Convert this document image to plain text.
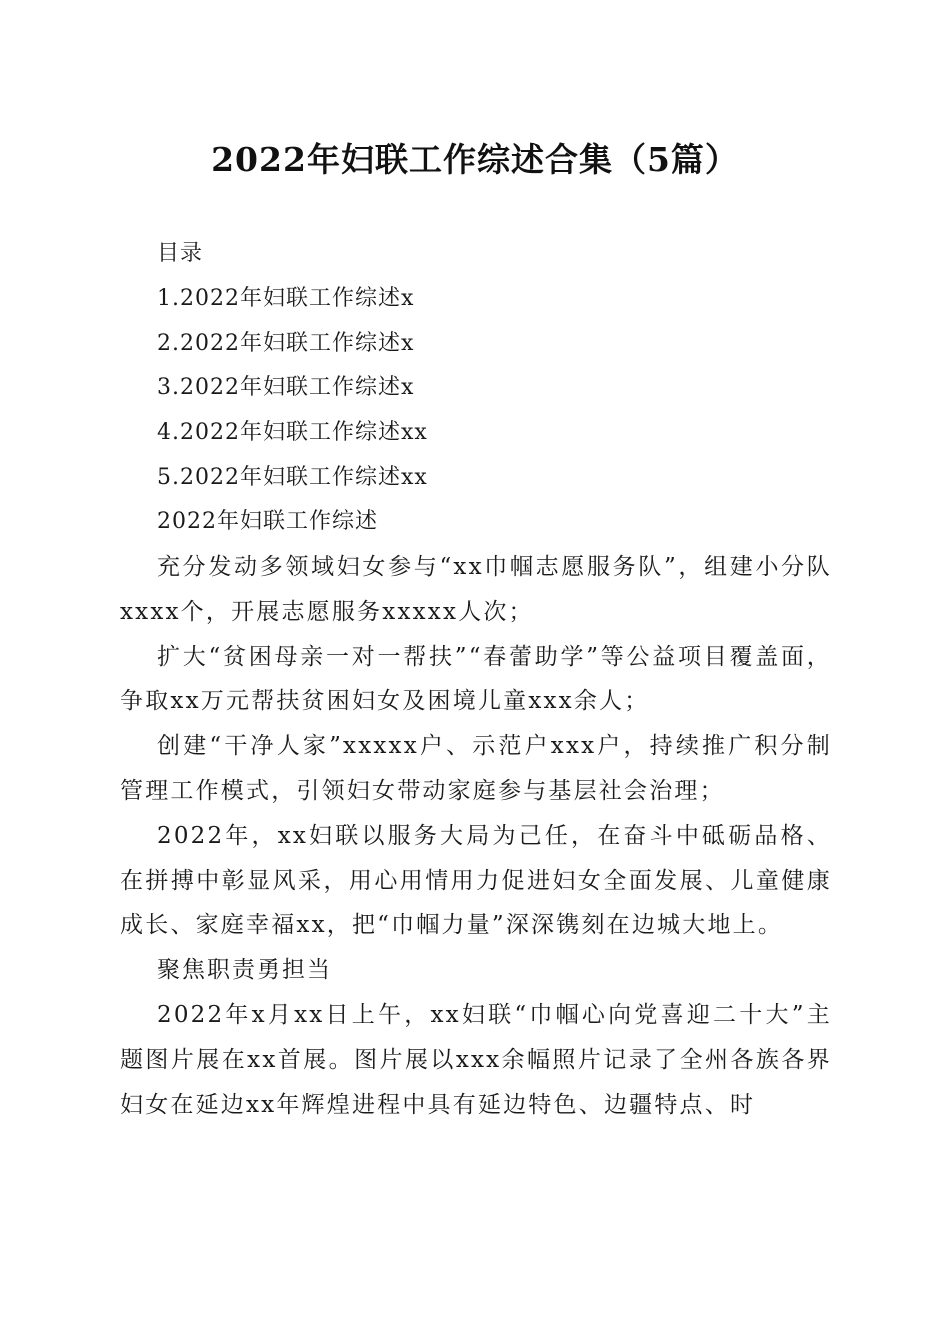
2022年妇联工作综述合集（5篇）
目录
1.2022年妇联工作综述x
2.2022年妇联工作综述x
3.2022年妇联工作综述x
4.2022年妇联工作综述xx
5.2022年妇联工作综述xx

2022年妇联工作综述

充分发动多领域妇女参与“xx巾帼志愿服务队”，组建小分队xxxx个，开展志愿服务xxxxx人次；

扩大“贫困母亲一对一帮扶”“春蕾助学”等公益项目覆盖面，争取xx万元帮扶贫困妇女及困境儿童xxx余人；

创建“干净人家”xxxxx户、示范户xxx户，持续推广积分制管理工作模式，引领妇女带动家庭参与基层社会治理；

2022年，xx妇联以服务大局为己任，在奋斗中砥砺品格、在拼搏中彰显风采，用心用情用力促进妇女全面发展、儿童健康成长、家庭幸福xx，把“巾帼力量”深深镌刻在边城大地上。

聚焦职责勇担当

2022年x月xx日上午，xx妇联“巾帼心向党喜迎二十大”主题图片展在xx首展。图片展以xxx余幅照片记录了全州各族各界妇女在延边xx年辉煌进程中具有延边特色、边疆特点、时
